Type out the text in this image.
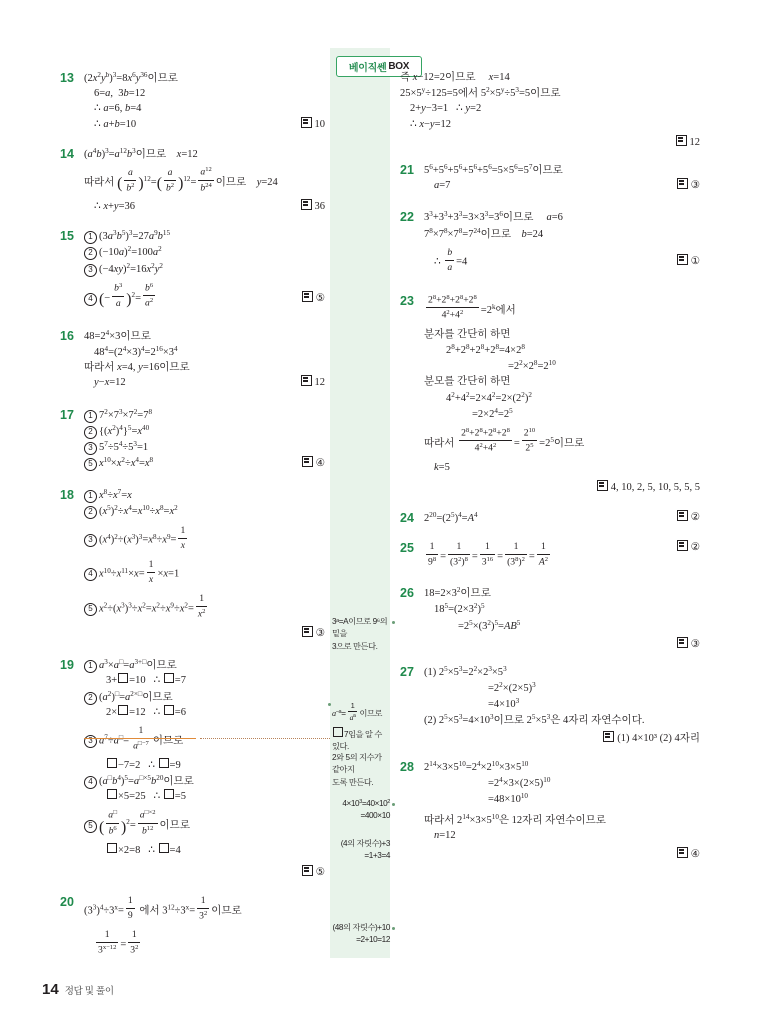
베이직쎈 BOX
13 $(2x^2y^b)^3=8x^6y^{36}$이므로
6=a,  3b=12
∴ a=6, b=4
∴ a+b=10	10
14 $(a^4b)^3=a^{12}b^3$이므로    x=12
따라서 ( $\frac{a}{b^2} )^{12}=( \frac{a}{b^2} )^{12}= \frac{a^{12}}{b^{24}}$ 이므로    y=24
∴ x+y=36	36
15	1 $(3a^3b^5)^3=27a^9b^{15}$
2 $(-10a)^2=100a^2$
3 $(-4xy)^2=16x^2y^2$
4 (− $\frac{b^3}{a} )^2= \frac{b^6}{a^2}$	⑤
16 $48=2^4\times 3$이므로
$48^4=(2^4\times 3)^4=2^{16}\times 3^4$
따라서 x=4, y=16이므로
y−x=12	12
17	1 $7^2\times 7^3\times 7^2=7^8$
2 $\{(x^2)^4\}^5=x^{40}$
3 $5^7\div 5^4\div 5^3=1$
5 $x^{10}\times x^2\div x^4=x^8$	④
18	1 $x^8\div x^7=x$
2 $(x^5)^2\div x^4=x^{10}\div x^8=x^2$
3 $(x^4)^2\div(x^3)^3=x^8\div x^9= \frac{1}{x}$
4 $x^{10}\div x^{11}\times x= \frac{1}{x} \times x=1$
5 $x^2\div(x^3)^3\div x^2=x^2\div x^9\div x^2= \frac{1}{x^2}$
③
19	1 $a^3\times a^□=a^{3+□}$이므로
3+ =10   ∴ =7
2 $(a^2)^□=a^{2\times□}$이므로
2× =12   ∴ =6
3 $a^7\div a^□= \frac{1}{a^{□-7}}$ 이므로
−7=2   ∴ =9
4 $(a^□b^4)^5=a^{□\times 5}b^{20}$이므로
×5=25   ∴ =5
5 ( $\frac{a^□}{b^6} )^2= \frac{a^{□\times 2}}{b^{12}}$ 이므로
×2=8   ∴ =4
⑤
20
$(3^3)^4\div 3^x= \frac{1}{9}$ 에서 $3^{12}\div 3^x= \frac{1}{3^2}$ 이므로
$\frac{1}{3^{x-12}} = \frac{1}{3^2}$
즉 x−12=2이므로     x=14
$25\times 5^y\div 125=5$에서 $5^2\times 5^y\div 5^3=5$이므로
2+y−3=1   ∴ y=2
∴ x−y=12
12
21 $5^6+5^6+5^6+5^6+5^6=5\times 5^6=5^7$이므로
a=7	③
22 $3^3+3^3+3^3=3\times 3^3=3^6$이므로     a=6
$7^8\times 7^8\times 7^8=7^{24}$이므로    b=24
∴ $\frac{b}{a} =4$	①
$23 \frac{2^8+2^8+2^8+2^8}{4^2+4^2} =2^k$에서
분자를 간단히 하면
$2^8+2^8+2^8+2^8=4\times 2^8$
$=2^2\times 2^8=2^{10}$
분모를 간단히 하면
$4^2+4^2=2\times 4^2=2\times(2^2)^2$
$=2\times 2^4=2^5$
따라서 $\frac{2^8+2^8+2^8+2^8}{4^2+4^2} = \frac{2^{10}}{2^5} =2^5$이므로
k=5
4, 10, 2, 5, 10, 5, 5, 5
24 $2^{20}=(2^5)^4=A^4$	②
$25 \frac{1}{9^8} = \frac{1}{(3^2)^8} = \frac{1}{3^{16}} = \frac{1}{(3^8)^2} = \frac{1}{A^2}$	②
26 $18=2\times 3^2$이므로
$18^5=(2\times 3^2)^5$
$=2^5\times(3^2)^5=AB^5$
③
27 (1) $2^5\times 5^3=2^2\times 2^3\times 5^3$
$=2^2\times(2\times 5)^3$
$=4\times 10^3$
(2) $2^5\times 5^3=4\times 10^3$이므로 $2^5\times 5^3$은 4자리 자연수이다.
(1) 4×10³ (2) 4자리
28 $2^{14}\times 3\times 5^{10}=2^4\times 2^{10}\times 3\times 5^{10}$
$=2^4\times 3\times(2\times 5)^{10}$
$=48\times 10^{10}$
따라서 $2^{14}\times 3\times 5^{10}$은 12자리 자연수이므로
n=12
④
3ᵃ=A이므로 9⁶의 밑을
3으로 만든다.
$a^{-a}= \frac{1}{a^a}$ 이므로
7임을 알 수 있다.
2와 5의 지수가 같아지
도록 만든다.
$4\times 10^3=40\times 10^2$
=400×10
(4의 자릿수)+3
=1+3=4
(48의 자릿수)+10
=2+10=12
14 정답 및 풀이
